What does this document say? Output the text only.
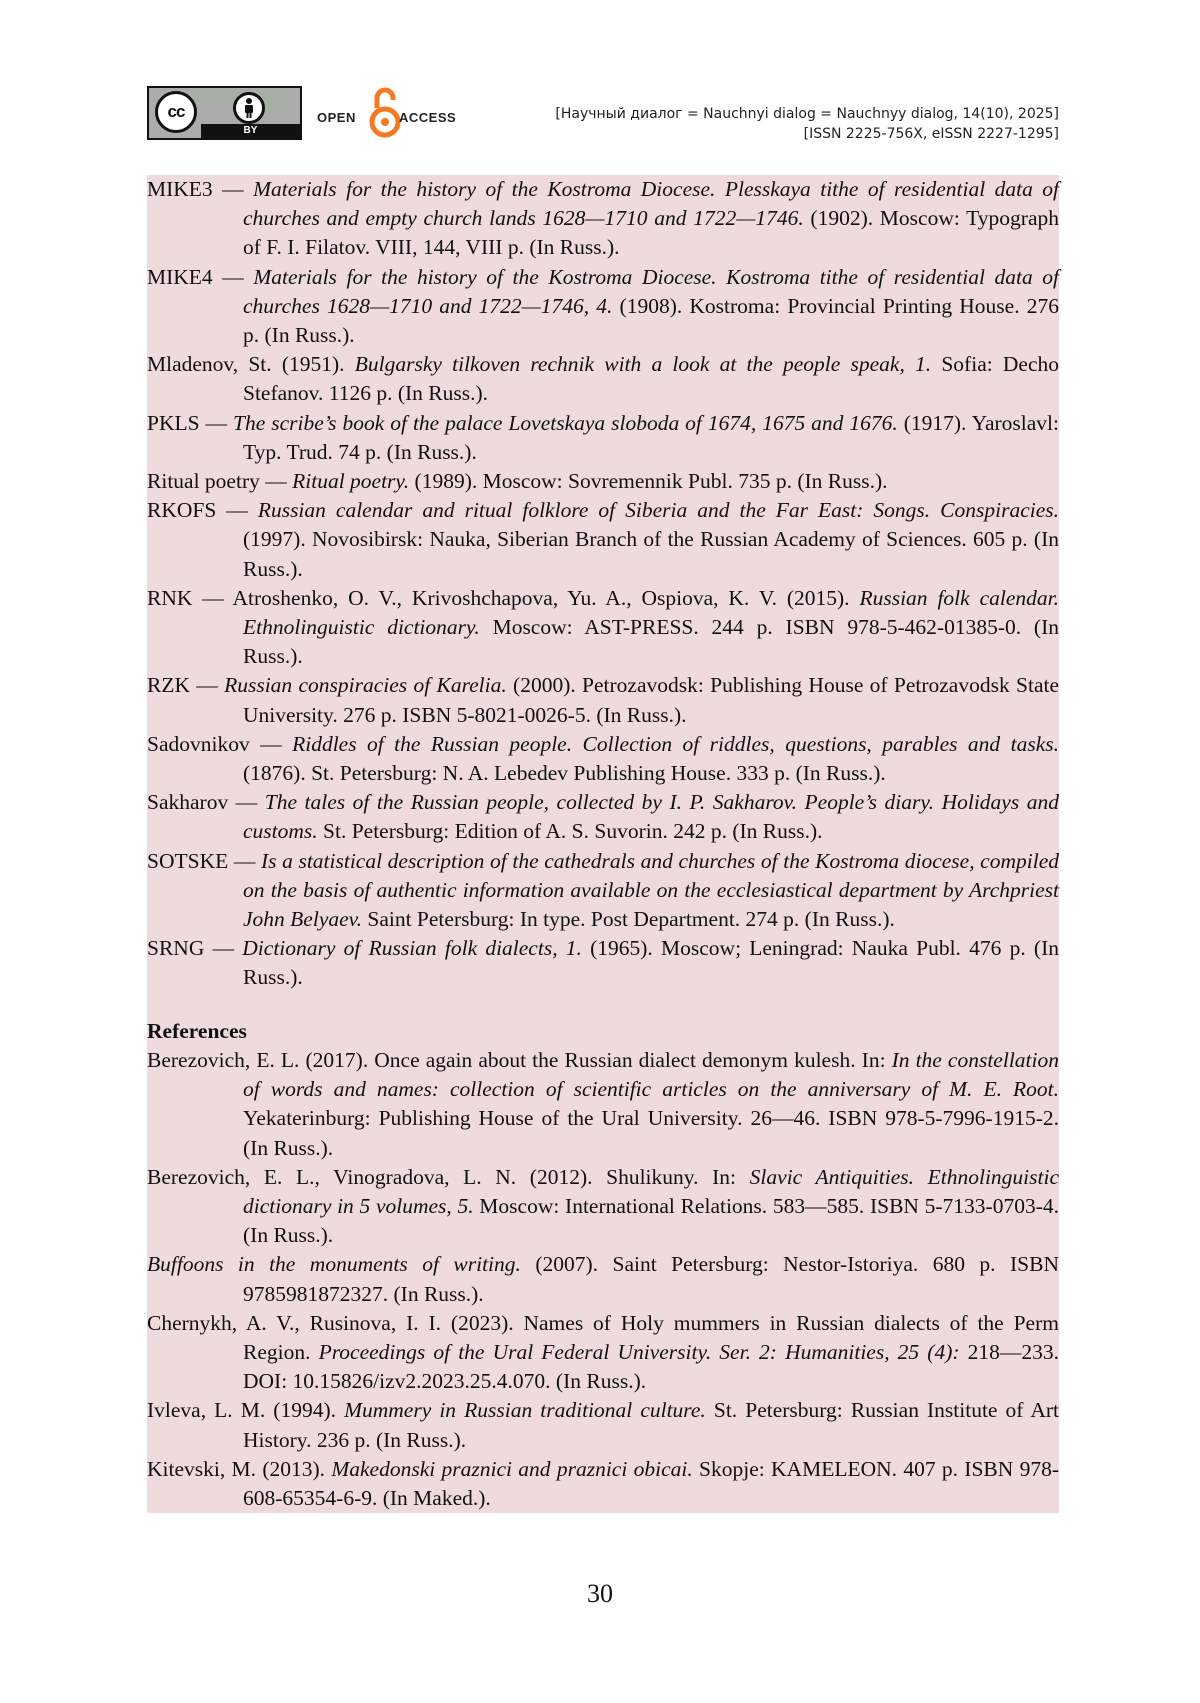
cc
BY
OPEN	ACCESS	[Научный диалог = Nauchnyi dialog = Nauchnyy dialog, 14(10), 2025]
[ISSN 2225-756X, eISSN 2227-1295]
MIKE3 — Materials for the history of the Kostroma Diocese. Plesskaya tithe of residential data of churches and empty church lands 1628—1710 and 1722—1746. (1902). Moscow: Typograph of F. I. Filatov. VIII, 144, VIII p. (In Russ.).
MIKE4 — Materials for the history of the Kostroma Diocese. Kostroma tithe of residential data of churches 1628—1710 and 1722—1746, 4. (1908). Kostroma: Provincial Printing House. 276 p. (In Russ.).
Mladenov, St. (1951). Bulgarsky tilkoven rechnik with a look at the people speak, 1. Sofia: Decho Stefanov. 1126 p. (In Russ.).
PKLS — The scribe’s book of the palace Lovetskaya sloboda of 1674, 1675 and 1676. (1917). Yaroslavl: Typ. Trud. 74 p. (In Russ.).
Ritual poetry — Ritual poetry. (1989). Moscow: Sovremennik Publ. 735 p. (In Russ.).
RKOFS — Russian calendar and ritual folklore of Siberia and the Far East: Songs. Conspiracies. (1997). Novosibirsk: Nauka, Siberian Branch of the Russian Academy of Sciences. 605 p. (In Russ.).
RNK — Atroshenko, O. V., Krivoshchapova, Yu. A., Ospiova, K. V. (2015). Russian folk calendar. Ethnolinguistic dictionary. Moscow: AST-PRESS. 244 p. ISBN 978-5-462-01385-0. (In Russ.).
RZK — Russian conspiracies of Karelia. (2000). Petrozavodsk: Publishing House of Petrozavodsk State University. 276 p. ISBN 5-8021-0026-5. (In Russ.).
Sadovnikov — Riddles of the Russian people. Collection of riddles, questions, parables and tasks. (1876). St. Petersburg: N. A. Lebedev Publishing House. 333 p. (In Russ.).
Sakharov — The tales of the Russian people, collected by I. P. Sakharov. People’s diary. Holidays and customs. St. Petersburg: Edition of A. S. Suvorin. 242 p. (In Russ.).
SOTSKE — Is a statistical description of the cathedrals and churches of the Kostroma diocese, compiled on the basis of authentic information available on the ecclesiastical department by Archpriest John Belyaev. Saint Petersburg: In type. Post Department. 274 p. (In Russ.).
SRNG — Dictionary of Russian folk dialects, 1. (1965). Moscow; Leningrad: Nauka Publ. 476 p. (In Russ.).
References
Berezovich, E. L. (2017). Once again about the Russian dialect demonym kulesh. In: In the constellation of words and names: collection of scientific articles on the anniversary of M. E. Root. Yekaterinburg: Publishing House of the Ural University. 26—46. ISBN 978-5-7996-1915-2. (In Russ.).
Berezovich, E. L., Vinogradova, L. N. (2012). Shulikuny. In: Slavic Antiquities. Ethnolinguistic dictionary in 5 volumes, 5. Moscow: International Relations. 583—585. ISBN 5-7133-0703-4. (In Russ.).
Buffoons in the monuments of writing. (2007). Saint Petersburg: Nestor-Istoriya. 680 p. ISBN 9785981872327. (In Russ.).
Chernykh, A. V., Rusinova, I. I. (2023). Names of Holy mummers in Russian dialects of the Perm Region. Proceedings of the Ural Federal University. Ser. 2: Humanities, 25 (4): 218—233. DOI: 10.15826/izv2.2023.25.4.070. (In Russ.).
Ivleva, L. M. (1994). Mummery in Russian traditional culture. St. Petersburg: Russian Institute of Art History. 236 p. (In Russ.).
Kitevski, M. (2013). Makedonski praznici and praznici obicai. Skopje: KAMELEON. 407 p. ISBN 978-608-65354-6-9. (In Maked.).
30
